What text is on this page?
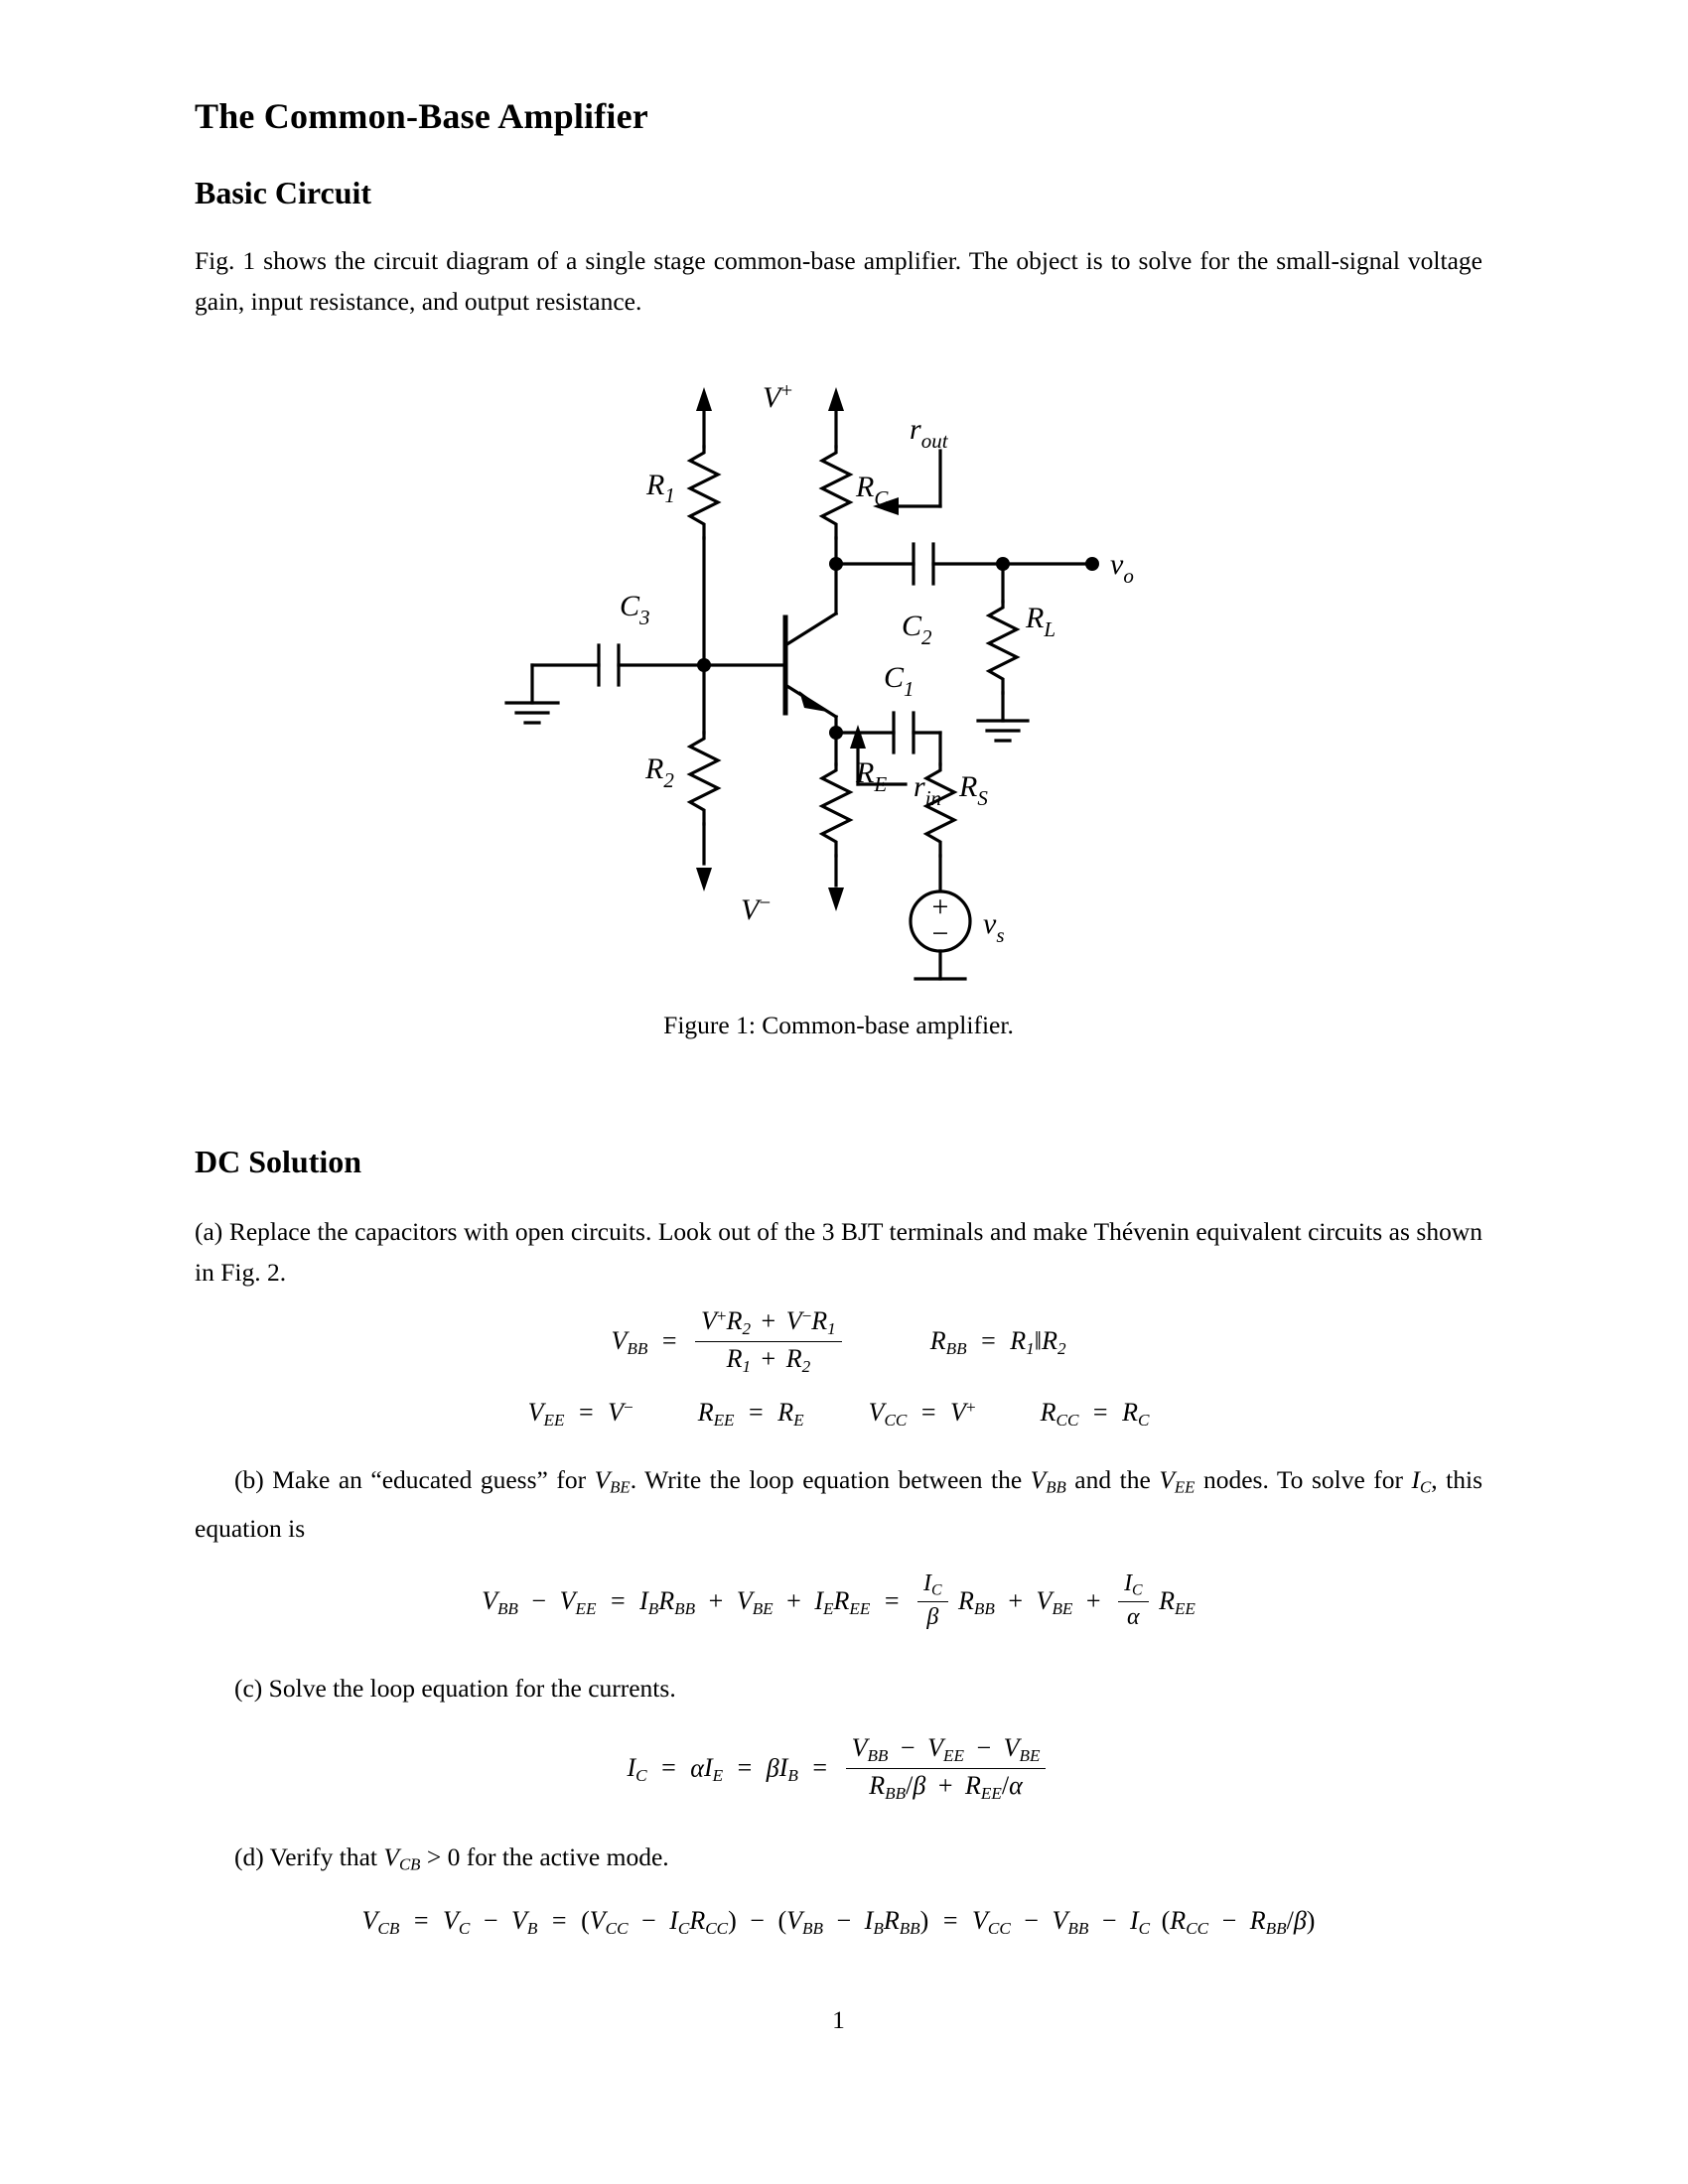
The Common-Base Amplifier
Basic Circuit

Fig. 1 shows the circuit diagram of a single stage common-base amplifier. The object is to solve for the small-signal voltage gain, input resistance, and output resistance.

+
−
V+
$R_1$	$R_C$
$r_{out}$
$C_3$	$C_2$
$R_L$
$v_o$
$C_1$
$R_2$	$R_E$ $R_S$
$r_{in}$
V−
$v_s$
Figure 1: Common-base amplifier.
DC Solution

(a) Replace the capacitors with open circuits. Look out of the 3 BJT terminals and make Thévenin equivalent circuits as shown in Fig. 2.

$V_{BB} = \frac{V^+R_2 + V^-R_1}{R_1 + R_2}$	$R_{BB}$ = $R_1‖R_2$
$V_{EE} = V^-$	$R_{EE} = R_E$	$V_{CC} = V^+$	$R_{CC} = R_C$

(b) Make an “educated guess” for $V_{BE}$. Write the loop equation between the $V_{BB}$ and the $V_{EE}$ nodes. To solve for $I_C$, this equation is

$V_{BB} - V_{EE} = I_BR_{BB} + V_{BE} + I_ER_{EE} = \frac{I_C}{\beta} R_{BB} + V_{BE} + \frac{I_C}{\alpha} R_{EE}$

(c) Solve the loop equation for the currents.

$I_C = \alpha I_E = \beta I_B = \frac{V_{BB} - V_{EE} - V_{BE}}{R_{BB}/\beta + R_{EE}/\alpha}$

(d) Verify that $V_{CB} > 0$ for the active mode.

$V_{CB} = V_C - V_B = (V_{CC} - I_CR_{CC}) - (V_{BB} - I_BR_{BB}) = V_{CC} - V_{BB} - I_C$ $(R_{CC} - R_{BB}/\beta)$
1
